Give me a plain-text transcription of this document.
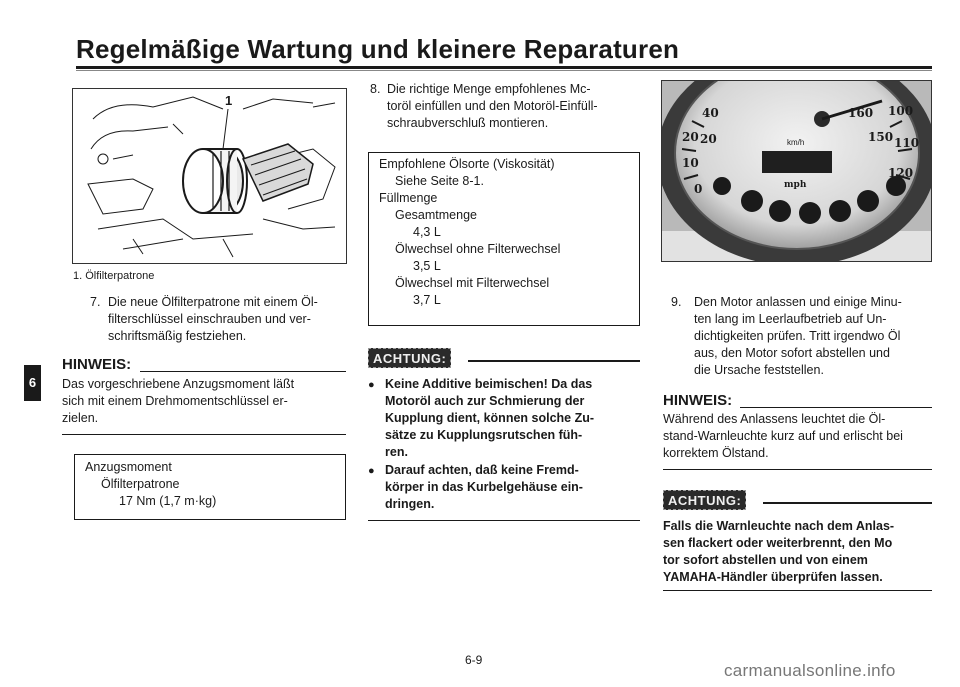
Regelmäßige Wartung und kleinere Reparaturen
6
1
1. Ölfilterpatrone
7. Die neue Ölfilterpatrone mit einem Öl-
filterschlüssel einschrauben und ver-
schriftsmäßig festziehen.
HINWEIS:
Das vorgeschriebene Anzugsmoment läßt
sich mit einem Drehmomentschlüssel er-
zielen.
Anzugsmoment
Ölfilterpatrone
17 Nm (1,7 m·kg)
8. Die richtige Menge empfohlenes Mc-
toröl einfüllen und den Motoröl-Einfüll-
schraubverschluß montieren.
Empfohlene Ölsorte (Viskosität)
Siehe Seite 8-1.
Füllmenge
Gesamtmenge
4,3 L
Ölwechsel ohne Filterwechsel
3,5 L
Ölwechsel mit Filterwechsel
3,7 L
ACHTUNG:
● Keine Additive beimischen! Da das
Motoröl auch zur Schmierung der
Kupplung dient, können solche Zu-
sätze zu Kupplungsrutschen füh-
ren.
● Darauf achten, daß keine Fremd-
körper in das Kurbelgehäuse ein-
dringen.
40
20 20
10
0
160 100
150 110
120
km/h
mph
9. Den Motor anlassen und einige Minu-
ten lang im Leerlaufbetrieb auf Un-
dichtigkeiten prüfen. Tritt irgendwo Öl
aus, den Motor sofort abstellen und
die Ursache feststellen.
HINWEIS:
Während des Anlassens leuchtet die Öl-
stand-Warnleuchte kurz auf und erlischt bei
korrektem Ölstand.
ACHTUNG:
Falls die Warnleuchte nach dem Anlas-
sen flackert oder weiterbrennt, den Mo
tor sofort abstellen und von einem
YAMAHA-Händler überprüfen lassen.
6-9
carmanualsonline.info
